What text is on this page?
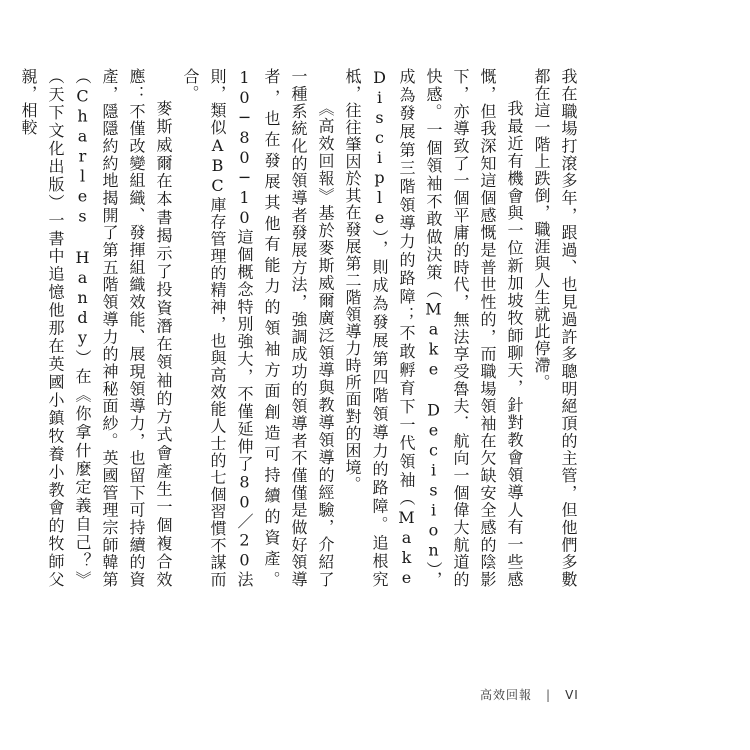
我在職場打滾多年，跟過、也見過許多聰明絕頂的主管，但他們多數都在這一階上跌倒，職涯與人生就此停滯。

我最近有機會與一位新加坡牧師聊天，針對教會領導人有一些感慨，但我深知這個感慨是普世性的，而職場領袖在欠缺安全感的陰影下，亦導致了一個平庸的時代，無法享受魯夫．航向一個偉大航道的快感。一個領袖不敢做決策（Make Decision），成為發展第三階領導力的路障；不敢孵育下一代領袖（Make Disciple），則成為發展第四階領導力的路障。追根究柢，往往肇因於其在發展第二階領導力時所面對的困境。

《高效回報》基於麥斯威爾廣泛領導與教導領導的經驗，介紹了一種系統化的領導者發展方法，強調成功的領導者不僅僅是做好領導者，也在發展其他有能力的領袖方面創造可持續的資產。10─80─10這個概念特別強大，不僅延伸了80／20法則，類似ABC庫存管理的精神，也與高效能人士的七個習慣不謀而合。

麥斯威爾在本書揭示了投資潛在領袖的方式會產生一個複合效應：不僅改變組織、發揮組織效能、展現領導力，也留下可持續的資產，隱隱約約地揭開了第五階領導力的神秘面紗。英國管理宗師韓第（Charles Handy）在《你拿什麼定義自己？》（天下文化出版）一書中追憶他那在英國小鎮牧養小教會的牧師父親，相較

高效回報 | VI
